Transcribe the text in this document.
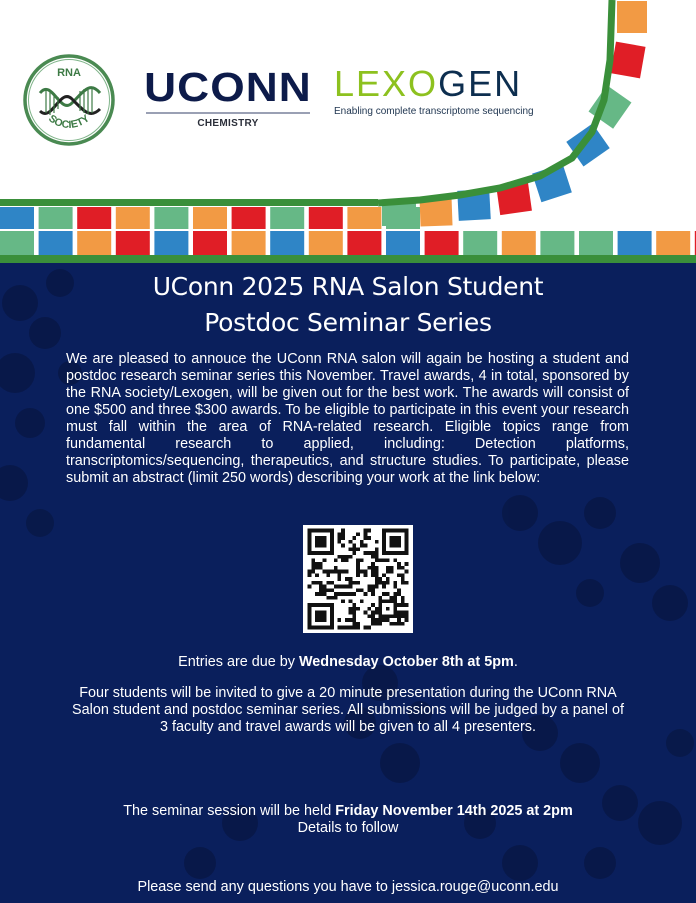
RNA
SOCIETY
UCONN
CHEMISTRY
LEXOGEN
Enabling complete transcriptome sequencing
UConn 2025 RNA Salon Student
Postdoc Seminar Series
We are pleased to annouce the UConn RNA salon will again be hosting a student and postdoc research seminar series this November. Travel awards, 4 in total, sponsored by the RNA society/Lexogen, will be given out for the best work. The awards will consist of one $500 and three $300 awards. To be eligible to participate in this event your research must fall within the area of RNA-related research. Eligible topics range from fundamental research to applied, including: Detection platforms, transcriptomics/sequencing, therapeutics, and structure studies. To participate, please submit an abstract (limit 250 words) describing your work at the link below:
Entries are due by Wednesday October 8th at 5pm.
Four students will be invited to give a 20 minute presentation during the UConn RNA Salon student and postdoc seminar series. All submissions will be judged by a panel of 3 faculty and travel awards will be given to all 4 presenters.
The seminar session will be held Friday November 14th 2025 at 2pm
Details to follow
Please send any questions you have to jessica.rouge@uconn.edu
